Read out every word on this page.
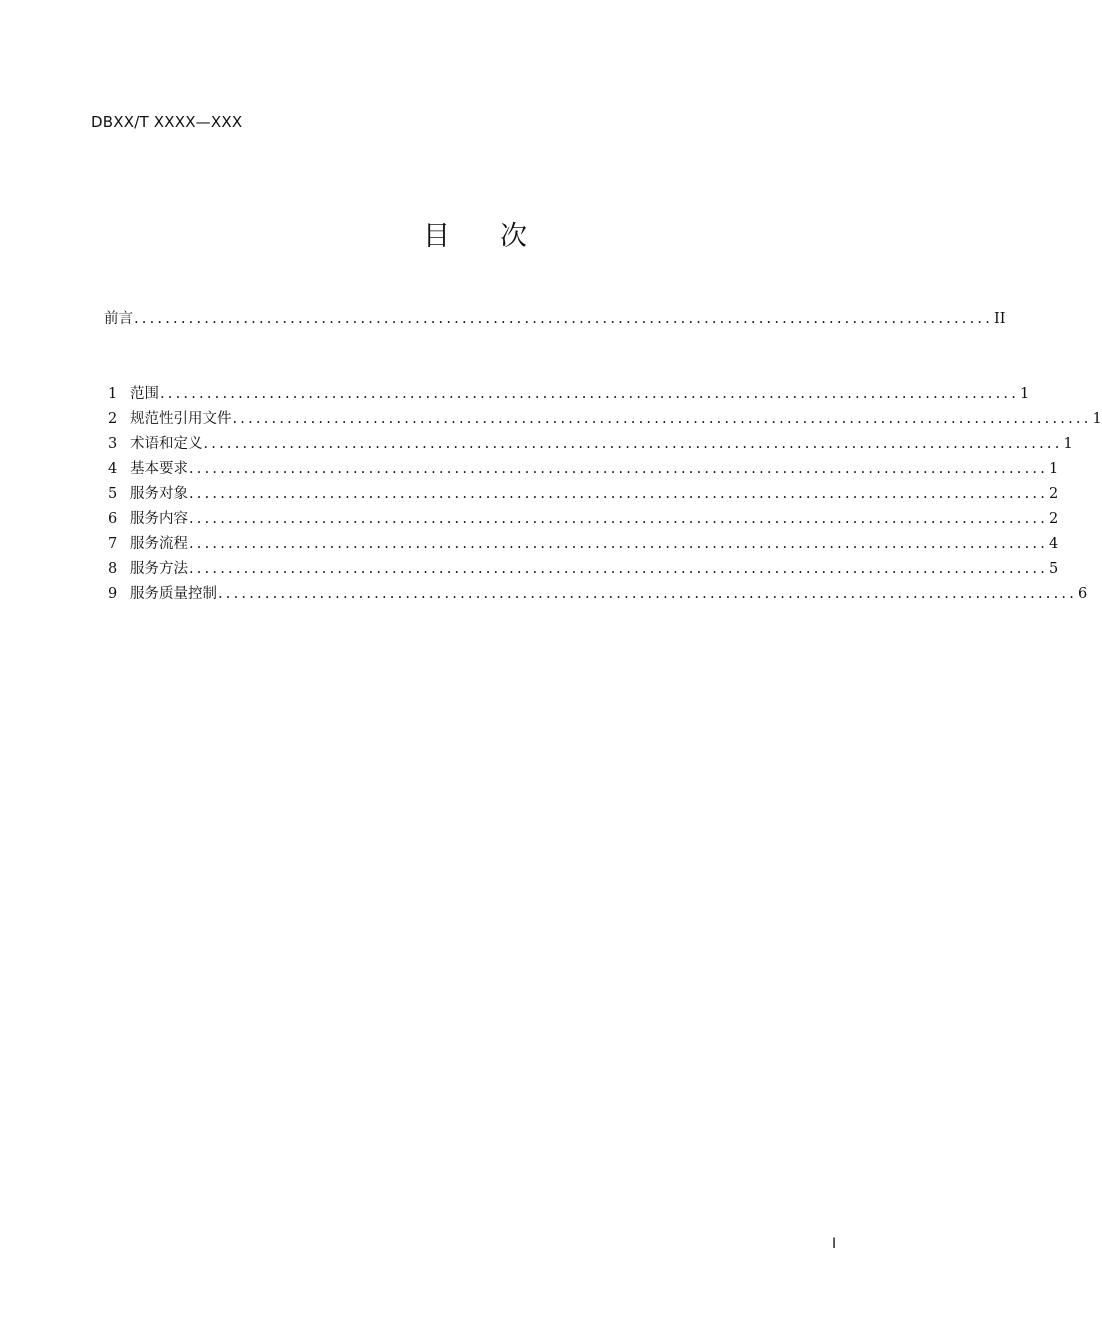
DBXX/T XXXX—XXX
目 次
前言 .............................................................................................................. II
1 范围 .............................................................................................................. 1
2 规范性引用文件 .............................................................................................................. 1
3 术语和定义 .............................................................................................................. 1
4 基本要求 .............................................................................................................. 1
5 服务对象 .............................................................................................................. 2
6 服务内容 .............................................................................................................. 2
7 服务流程 .............................................................................................................. 4
8 服务方法 .............................................................................................................. 5
9 服务质量控制 .............................................................................................................. 6
I
